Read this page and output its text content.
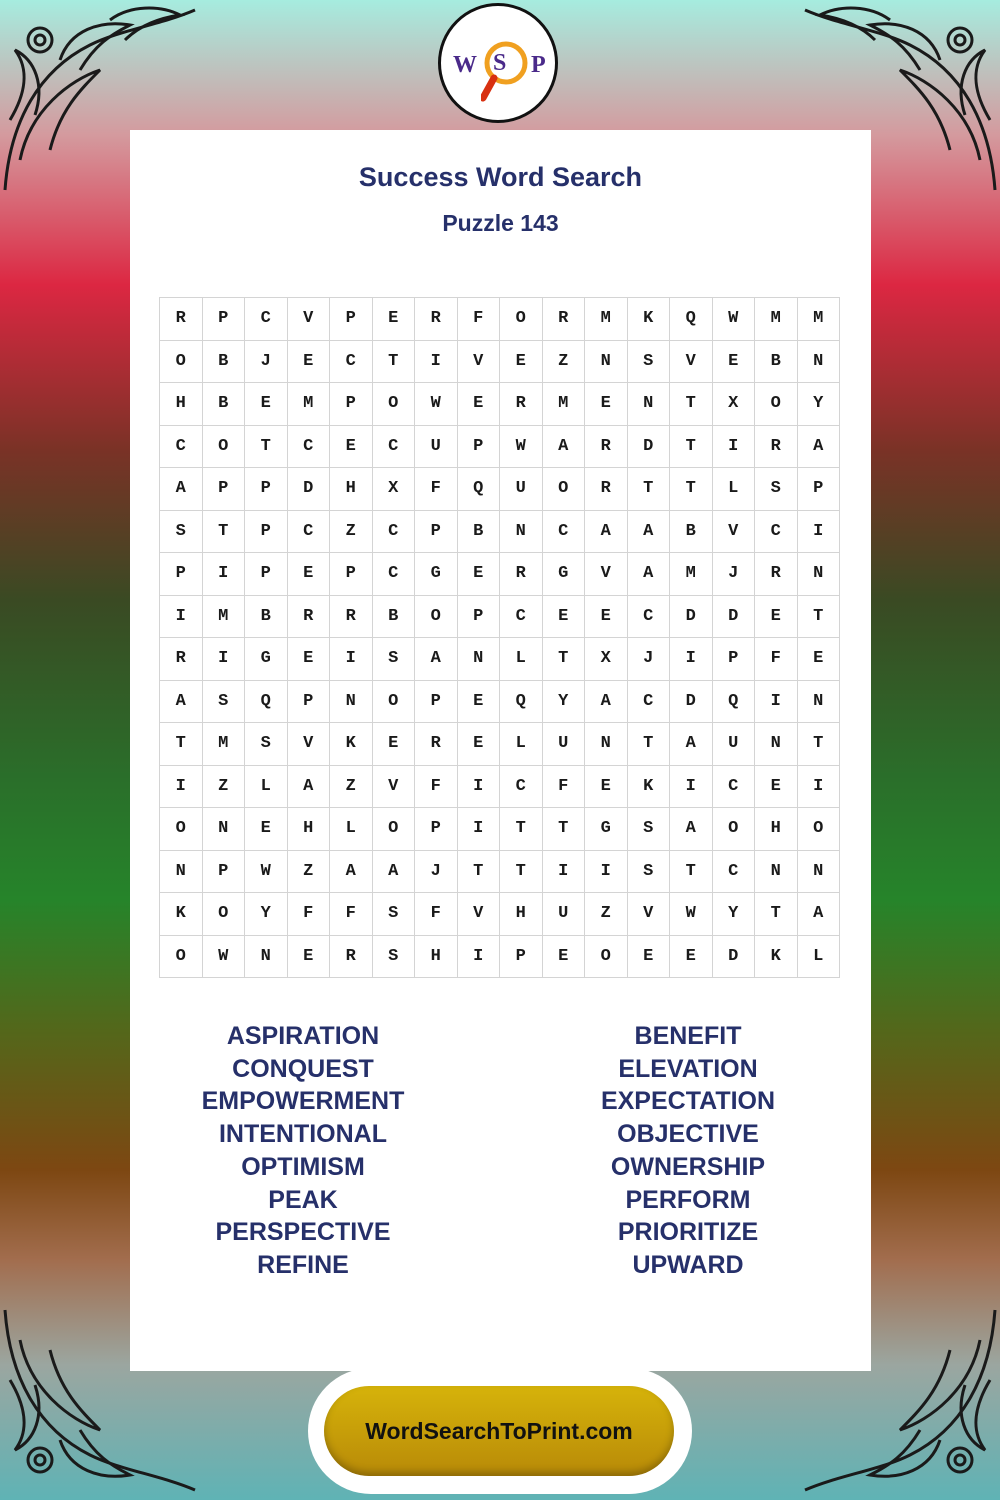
Success Word Search
Puzzle 143
R	P	C	V	P	E	R	F	O	R	M	K	Q	W	M	M
O	B	J	E	C	T	I	V	E	Z	N	S	V	E	B	N
H	B	E	M	P	O	W	E	R	M	E	N	T	X	O	Y
C	O	T	C	E	C	U	P	W	A	R	D	T	I	R	A
A	P	P	D	H	X	F	Q	U	O	R	T	T	L	S	P
S	T	P	C	Z	C	P	B	N	C	A	A	B	V	C	I
P	I	P	E	P	C	G	E	R	G	V	A	M	J	R	N
I	M	B	R	R	B	O	P	C	E	E	C	D	D	E	T
R	I	G	E	I	S	A	N	L	T	X	J	I	P	F	E
A	S	Q	P	N	O	P	E	Q	Y	A	C	D	Q	I	N
T	M	S	V	K	E	R	E	L	U	N	T	A	U	N	T
I	Z	L	A	Z	V	F	I	C	F	E	K	I	C	E	I
O	N	E	H	L	O	P	I	T	T	G	S	A	O	H	O
N	P	W	Z	A	A	J	T	T	I	I	S	T	C	N	N
K	O	Y	F	F	S	F	V	H	U	Z	V	W	Y	T	A
O	W	N	E	R	S	H	I	P	E	O	E	E	D	K	L
ASPIRATION
CONQUEST
EMPOWERMENT
INTENTIONAL
OPTIMISM
PEAK
PERSPECTIVE
REFINE
BENEFIT
ELEVATION
EXPECTATION
OBJECTIVE
OWNERSHIP
PERFORM
PRIORITIZE
UPWARD
W S P
WordSearchToPrint.com
